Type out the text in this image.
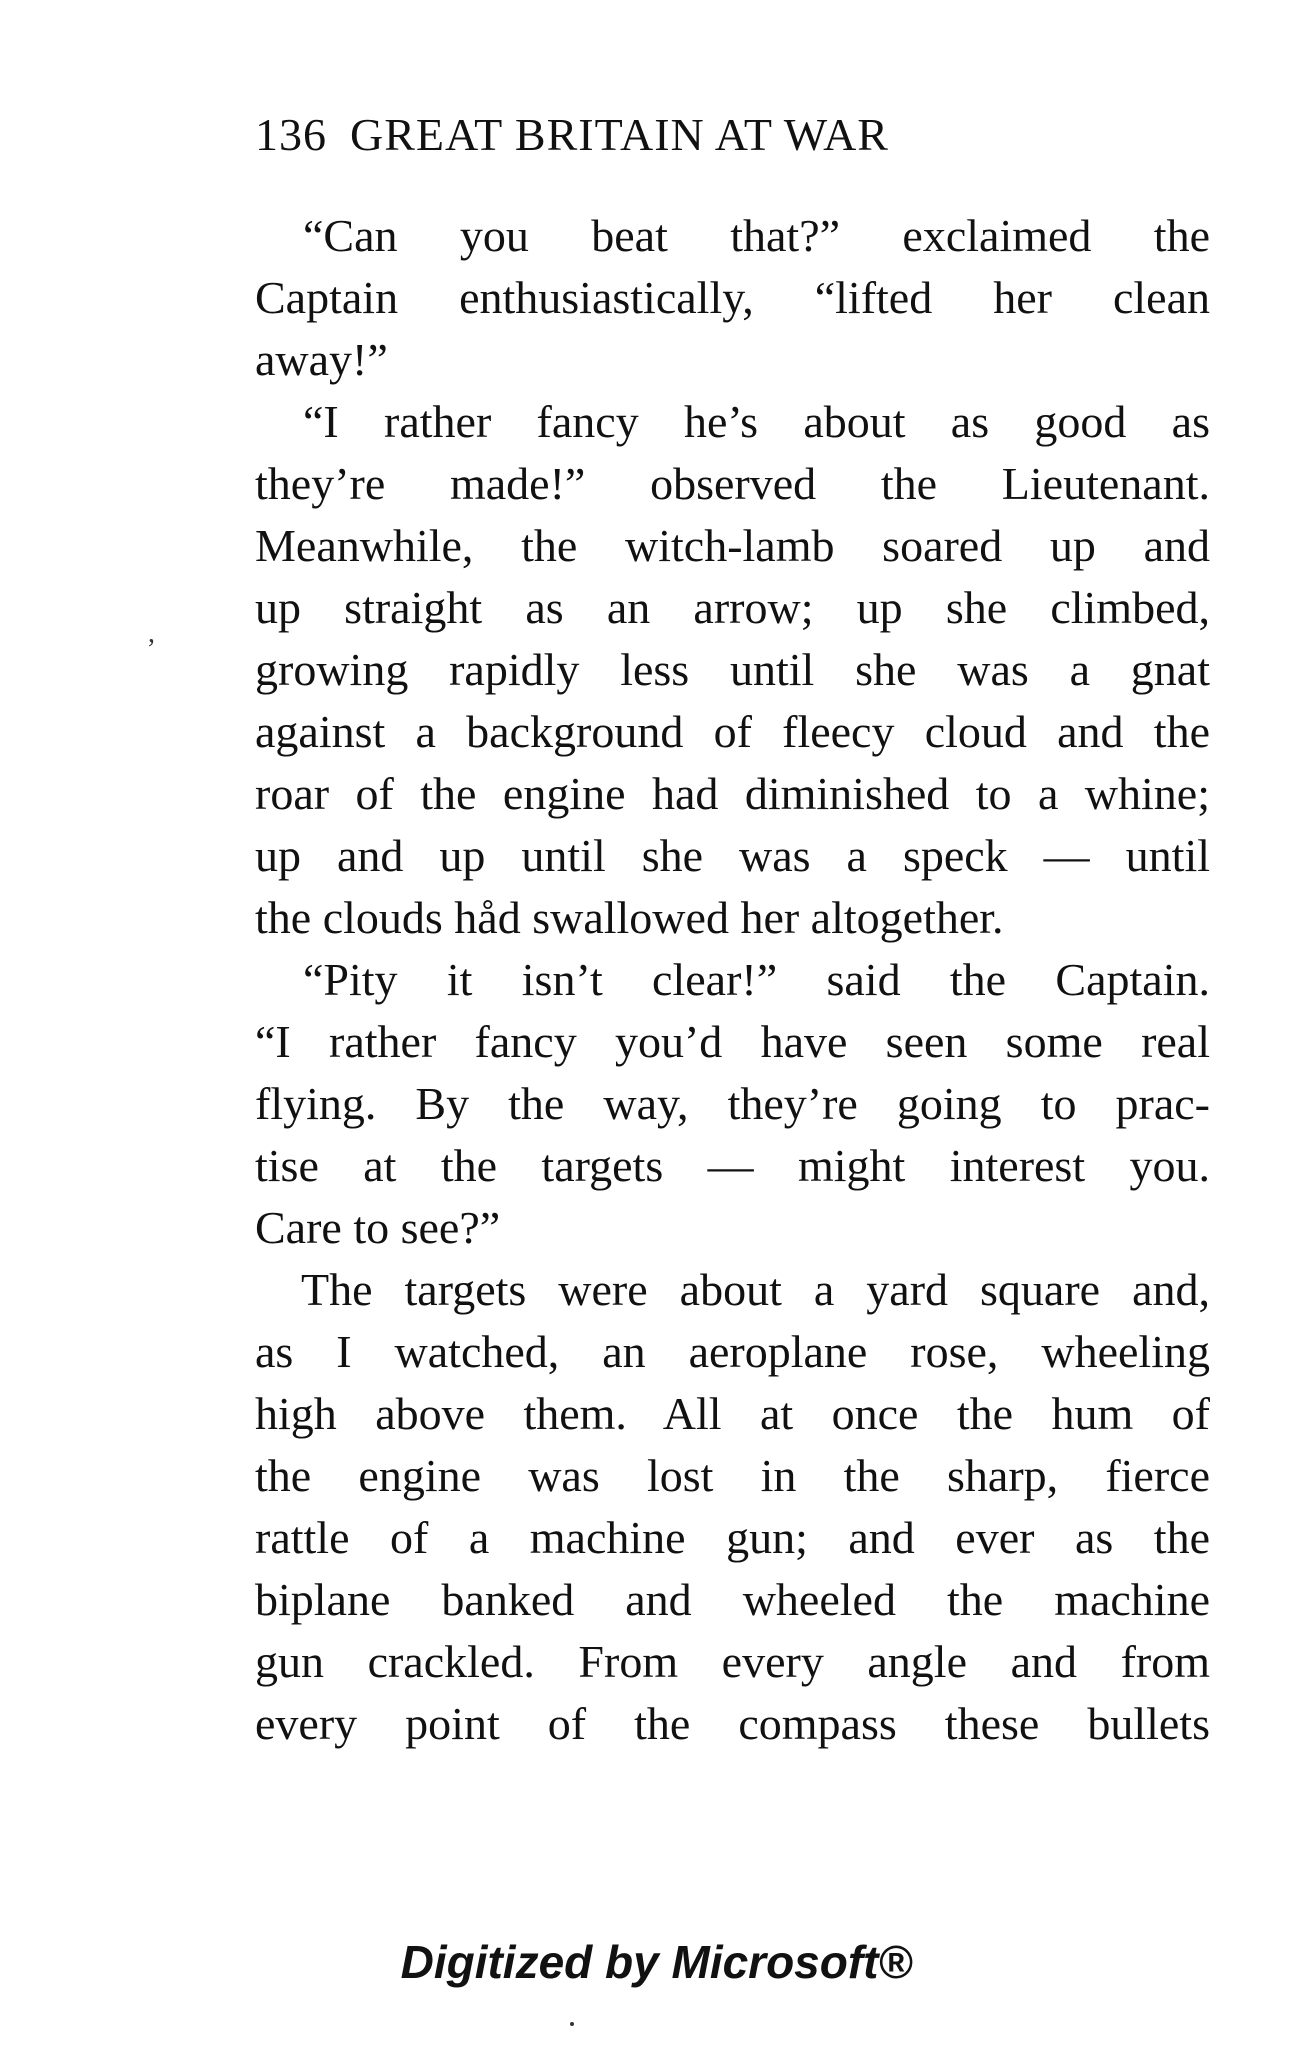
136 GREAT BRITAIN AT WAR
,
“Can you beat that?” exclaimed the
Captain enthusiastically, “lifted her clean
away!”
“I rather fancy he’s about as good as
they’re made!” observed the Lieutenant.
Meanwhile, the witch-lamb soared up and
up straight as an arrow; up she climbed,
growing rapidly less until she was a gnat
against a background of fleecy cloud and the
roar of the engine had diminished to a whine;
up and up until she was a speck — until
the clouds håd swallowed her altogether.
“Pity it isn’t clear!” said the Captain.
“I rather fancy you’d have seen some real
flying. By the way, they’re going to prac-
tise at the targets — might interest you.
Care to see?”
The targets were about a yard square and,
as I watched, an aeroplane rose, wheeling
high above them. All at once the hum of
the engine was lost in the sharp, fierce
rattle of a machine gun; and ever as the
biplane banked and wheeled the machine
gun crackled. From every angle and from
every point of the compass these bullets
Digitized by Microsoft®
